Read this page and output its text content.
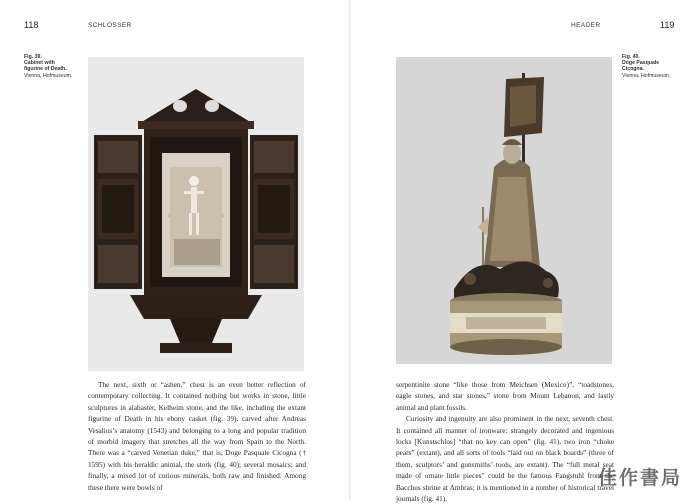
118	SCHLOSSER
Fig. 39.
Cabinet with figurine of Death.
Vienna, Hofmuseum.

The next, sixth or “ashen,” chest is an even better reflection of contemporary collecting. It contained nothing but works in stone, little sculptures in alabaster, Kelheim stone, and the like, including the extant figurine of Death in his ebony casket (fig. 39), carved after Andreas Vesalius’s anatomy (1543) and belonging to a long and popular tradition of morbid imagery that stretches all the way from Spain to the North. There was a “carved Venetian duke,” that is, Doge Pasquale Cicogna († 1595) with his heraldic animal, the stork (fig. 40); several mosaics; and finally, a mixed lot of curious minerals, both raw and finished. Among these there were bowls of

HEADER	119
Fig. 40.
Doge Pasquale Cicogna.
Vienna, Hofmuseum.

serpentinite stone “like those from Meichsen (Mexico)”, “toadstones, eagle stones, and star stones,” stone from Mount Lebanon, and lastly animal and plant fossils.

Curiosity and ingenuity are also prominent in the next, seventh chest. It contained all manner of ironware: strangely decorated and ingenious locks [Kunstschlos] “that no key can open” (fig. 41), two iron “choke pears” (extant), and all sorts of tools “laid out on black boards” (three of them, sculptors’ and gunsmiths’ tools, are extant). The “full metal seat made of ornate little pieces” could be the famous Fangstuhl from the Bacchus shrine at Ambras; it is mentioned in a number of historical travel journals (fig. 41).

佳作書局
